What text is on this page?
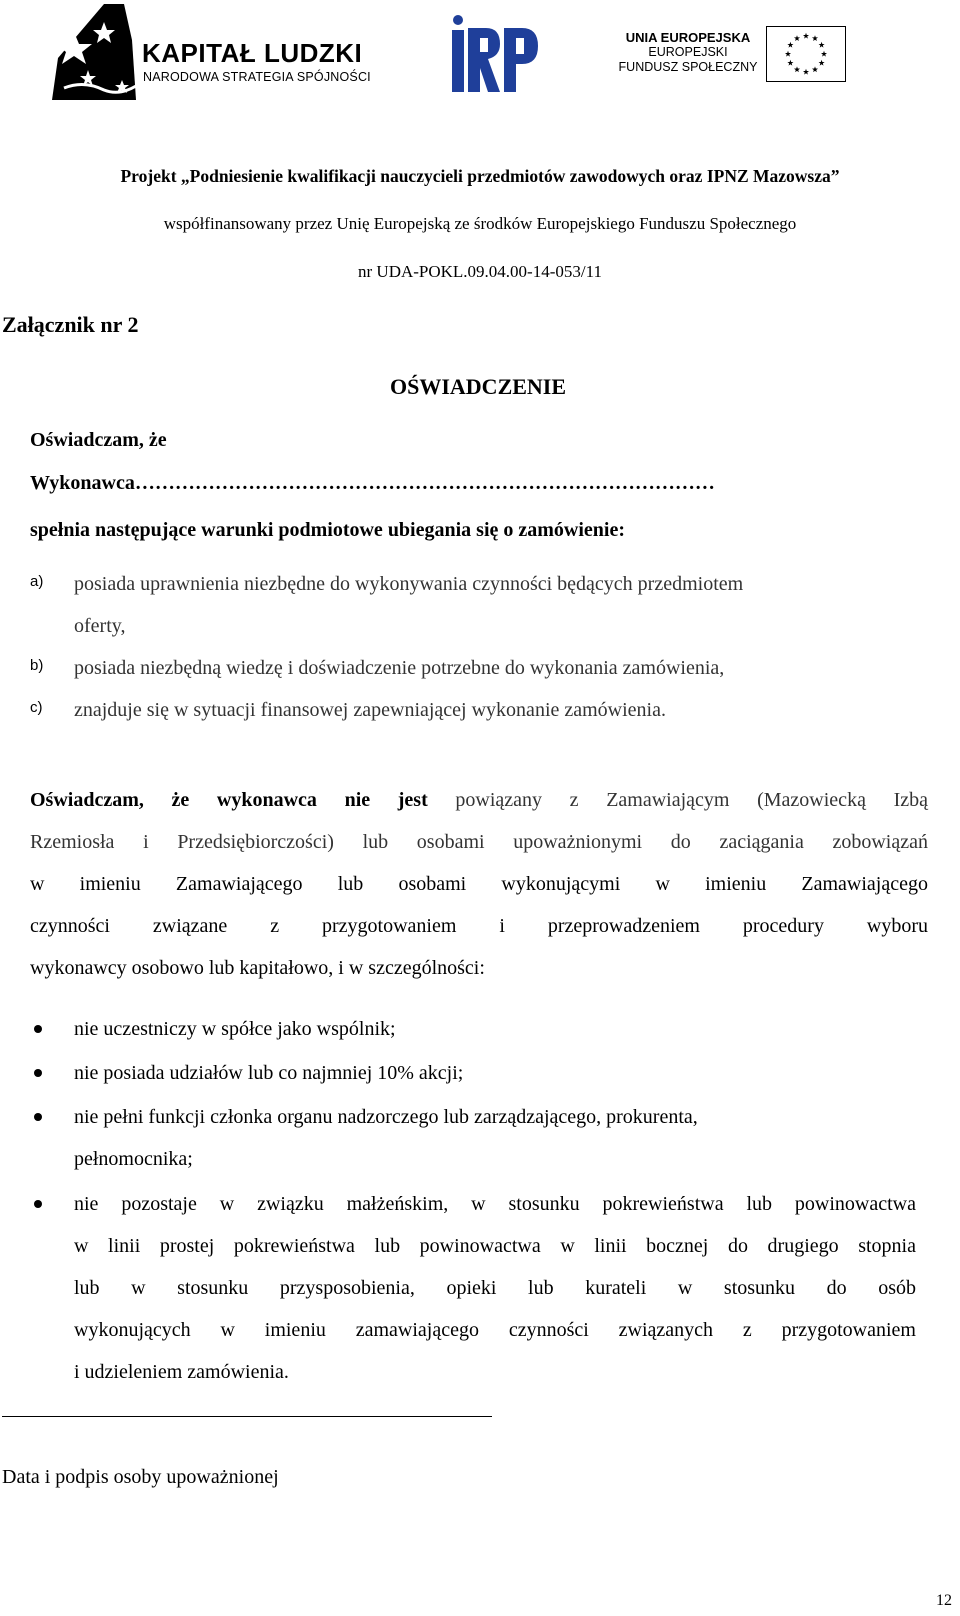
KAPITAŁ LUDZKI
NARODOWA STRATEGIA SPÓJNOŚCI
UNIA EUROPEJSKA
EUROPEJSKI
FUNDUSZ SPOŁECZNY
Projekt „Podniesienie kwalifikacji nauczycieli przedmiotów zawodowych oraz IPNZ Mazowsza”
współfinansowany przez Unię Europejską ze środków Europejskiego Funduszu Społecznego
nr UDA-POKL.09.04.00-14-053/11
Załącznik nr 2
OŚWIADCZENIE
Oświadczam, że
Wykonawca……………………………………………………………………………
spełnia następujące warunki podmiotowe ubiegania się o zamówienie:
a) posiada uprawnienia niezbędne do wykonywania czynności będących przedmiotem
oferty,
b) posiada niezbędną wiedzę i doświadczenie potrzebne do wykonania zamówienia,
c) znajduje się w sytuacji finansowej zapewniającej wykonanie zamówienia.
Oświadczam, że wykonawca nie jest powiązany z Zamawiającym (Mazowiecką Izbą
Rzemiosła i Przedsiębiorczości) lub osobami upoważnionymi do zaciągania zobowiązań
w imieniu Zamawiającego lub osobami wykonującymi w imieniu Zamawiającego
czynności związane z przygotowaniem i przeprowadzeniem procedury wyboru
wykonawcy osobowo lub kapitałowo, i w szczególności:
nie uczestniczy w spółce jako wspólnik;
nie posiada udziałów lub co najmniej 10% akcji;
nie pełni funkcji członka organu nadzorczego lub zarządzającego, prokurenta,
pełnomocnika;
nie pozostaje w związku małżeńskim, w stosunku pokrewieństwa lub powinowactwa
w linii prostej pokrewieństwa lub powinowactwa w linii bocznej do drugiego stopnia
lub w stosunku przysposobienia, opieki lub kurateli w stosunku do osób
wykonujących w imieniu zamawiającego czynności związanych z przygotowaniem
i udzieleniem zamówienia.
Data i podpis osoby upoważnionej
12
